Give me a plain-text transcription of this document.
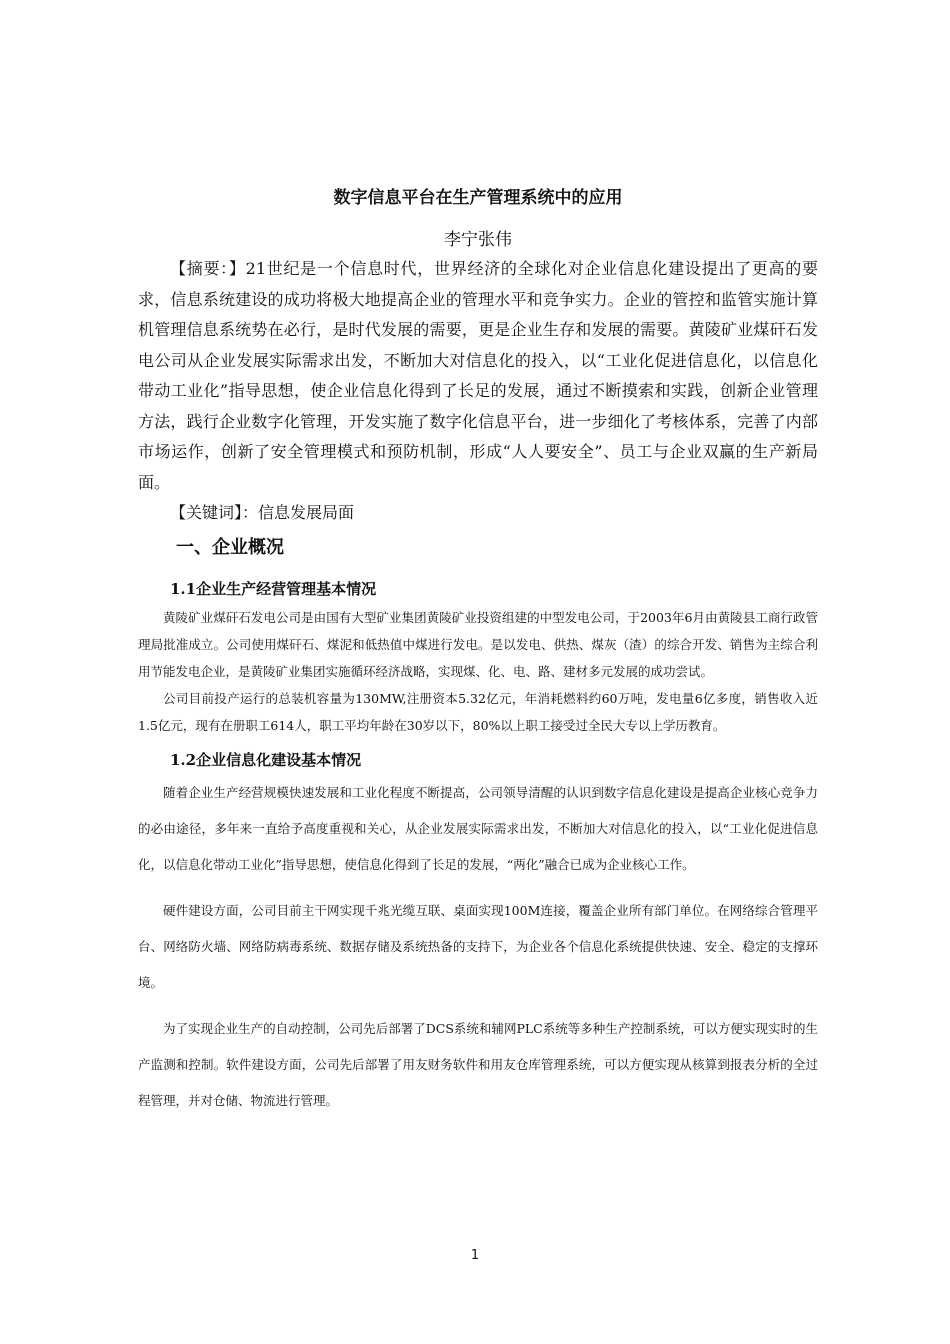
数字信息平台在生产管理系统中的应用

李宁张伟

【摘要：】21世纪是一个信息时代，世界经济的全球化对企业信息化建设提出了更高的要求，信息系统建设的成功将极大地提高企业的管理水平和竞争实力。企业的管控和监管实施计算机管理信息系统势在必行，是时代发展的需要，更是企业生存和发展的需要。黄陵矿业煤矸石发电公司从企业发展实际需求出发，不断加大对信息化的投入，以“工业化促进信息化，以信息化带动工业化”指导思想，使企业信息化得到了长足的发展，通过不断摸索和实践，创新企业管理方法，践行企业数字化管理，开发实施了数字化信息平台，进一步细化了考核体系，完善了内部市场运作，创新了安全管理模式和预防机制，形成“人人要安全”、员工与企业双赢的生产新局面。

【关键词】：信息发展局面

一、企业概况
1.1企业生产经营管理基本情况

黄陵矿业煤矸石发电公司是由国有大型矿业集团黄陵矿业投资组建的中型发电公司，于2003年6月由黄陵县工商行政管理局批准成立。公司使用煤矸石、煤泥和低热值中煤进行发电。是以发电、供热、煤灰（渣）的综合开发、销售为主综合利用节能发电企业，是黄陵矿业集团实施循环经济战略，实现煤、化、电、路、建材多元发展的成功尝试。

公司目前投产运行的总装机容量为130MW,注册资本5.32亿元，年消耗燃料约60万吨，发电量6亿多度，销售收入近1.5亿元，现有在册职工614人，职工平均年龄在30岁以下，80%以上职工接受过全民大专以上学历教育。

1.2企业信息化建设基本情况

随着企业生产经营规模快速发展和工业化程度不断提高，公司领导清醒的认识到数字信息化建设是提高企业核心竞争力的必由途径，多年来一直给予高度重视和关心，从企业发展实际需求出发，不断加大对信息化的投入，以“工业化促进信息化，以信息化带动工业化”指导思想，使信息化得到了长足的发展，“两化”融合已成为企业核心工作。

硬件建设方面，公司目前主干网实现千兆光缆互联、桌面实现100M连接，覆盖企业所有部门单位。在网络综合管理平台、网络防火墙、网络防病毒系统、数据存储及系统热备的支持下，为企业各个信息化系统提供快速、安全、稳定的支撑环境。

为了实现企业生产的自动控制，公司先后部署了DCS系统和辅网PLC系统等多种生产控制系统，可以方便实现实时的生产监测和控制。软件建设方面，公司先后部署了用友财务软件和用友仓库管理系统，可以方便实现从核算到报表分析的全过程管理，并对仓储、物流进行管理。

1
